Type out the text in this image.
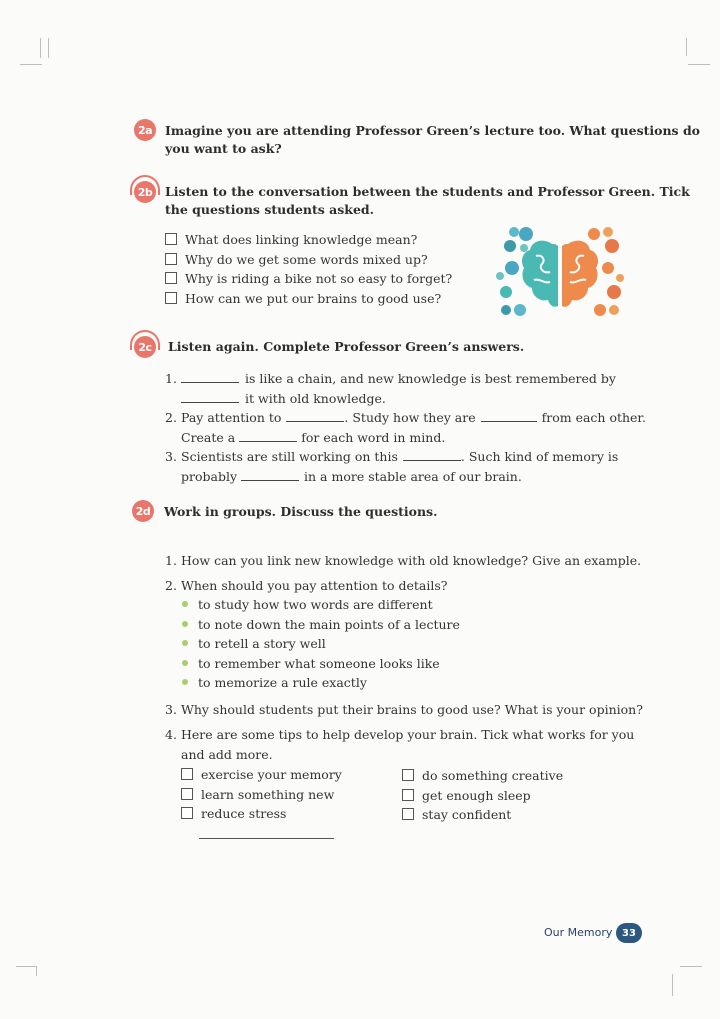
2a	Imagine you are attending Professor Green’s lecture too. What questions do
you want to ask?
2b Listen to the conversation between the students and Professor Green. Tick
the questions students asked.
What does linking knowledge mean?
Why do we get some words mixed up?
Why is riding a bike not so easy to forget?
How can we put our brains to good use?
2c	Listen again. Complete Professor Green’s answers.
1.	is like a chain, and new knowledge is best remembered by
it with old knowledge.
2. Pay attention to	. Study how they are	from each other.
Create a	for each word in mind.
3. Scientists are still working on this	. Such kind of memory is
probably	in a more stable area of our brain.
2d Work in groups. Discuss the questions.
1. How can you link new knowledge with old knowledge? Give an example.
2. When should you pay attention to details?
to study how two words are different
to note down the main points of a lecture
to retell a story well
to remember what someone looks like
to memorize a rule exactly
3. Why should students put their brains to good use? What is your opinion?
4. Here are some tips to help develop your brain. Tick what works for you
and add more.
exercise your memory
learn something new
reduce stress
do something creative
get enough sleep
stay confident
Our Memory 33
